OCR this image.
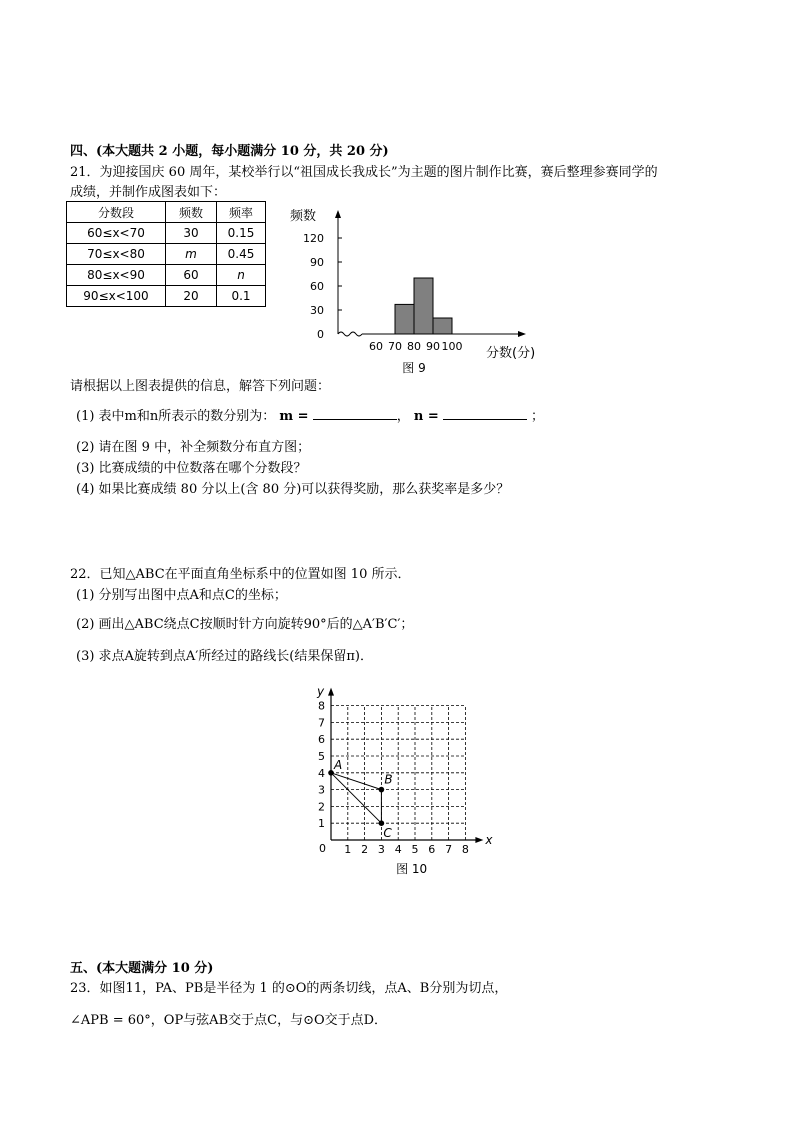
四、(本大题共 2 小题，每小题满分 10 分，共 20 分)
21．为迎接国庆 60 周年，某校举行以“祖国成长我成长”为主题的图片制作比赛，赛后整理参赛同学的
成绩，并制作成图表如下：
分数段	频数	频率
60≤x<70	30	0.15
70≤x<80	m	0.45
80≤x<90	60	n
90≤x<100	20	0.1
0
30
60
90
120
频数
60 70 80 90 100 分数(分)
图 9
请根据以上图表提供的信息，解答下列问题：
(1) 表中m和n所表示的数分别为： m =	， n =	；
(2) 请在图 9 中，补全频数分布直方图；
(3) 比赛成绩的中位数落在哪个分数段？
(4) 如果比赛成绩 80 分以上(含 80 分)可以获得奖励，那么获奖率是多少？
22．已知△ABC在平面直角坐标系中的位置如图 10 所示．
(1) 分别写出图中点A和点C的坐标；
(2) 画出△ABC绕点C按顺时针方向旋转90°后的△A′B′C′；
(3) 求点A旋转到点A′所经过的路线长(结果保留π)．
y
x
0 1 2 3 4 5 6 7 8
1
2
3
4
5
6
7
8
A
B
C
图 10
五、(本大题满分 10 分)
23．如图11，PA、PB是半径为 1 的⊙O的两条切线，点A、B分别为切点，
∠APB = 60°，OP与弦AB交于点C，与⊙O交于点D．
